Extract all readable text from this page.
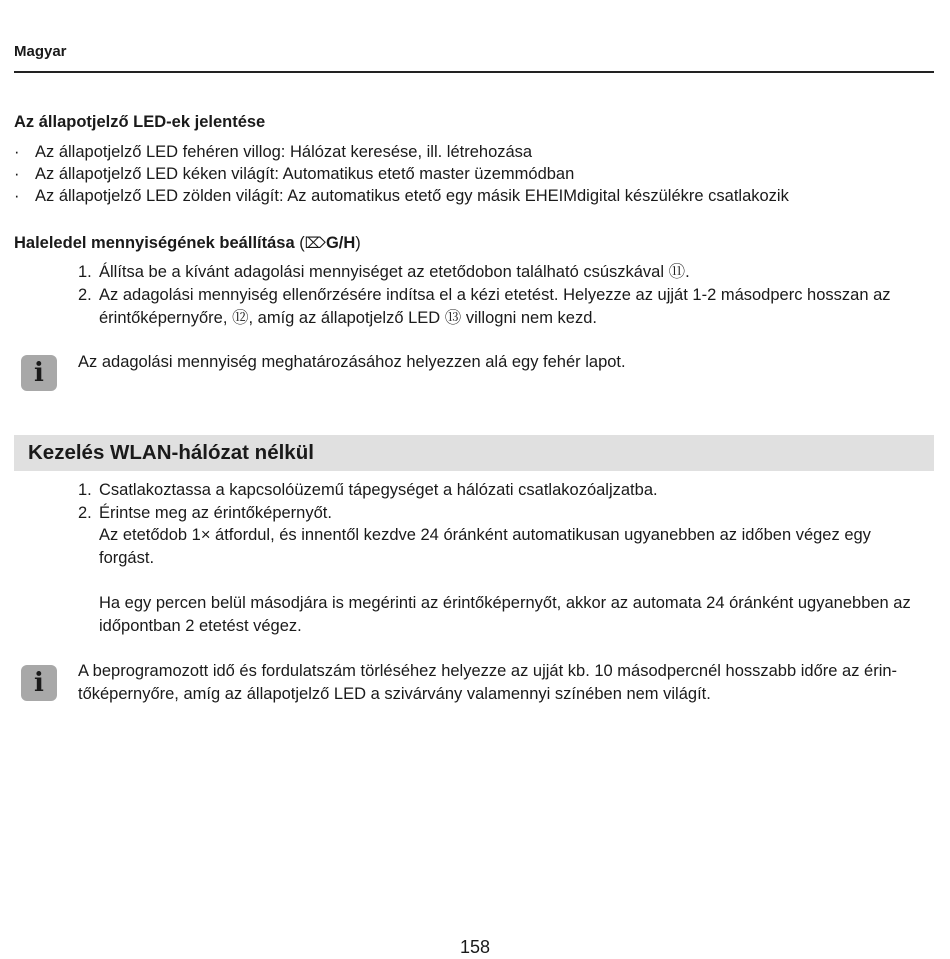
Magyar
Az állapotjelző LED-ek jelentése
· Az állapotjelző LED fehéren villog: Hálózat keresése, ill. létrehozása
· Az állapotjelző LED kéken világít: Automatikus etető master üzemmódban
· Az állapotjelző LED zölden világít: Az automatikus etető egy másik EHEIMdigital készülékre csatlakozik
Haleledel mennyiségének beállítása (⌦G/H)
1. Állítsa be a kívánt adagolási mennyiséget az etetődobon található csúszkával ⑪.
2. Az adagolási mennyiség ellenőrzésére indítsa el a kézi etetést. Helyezze az ujját 1-2 másodperc hosszan az érintőképernyőre, ⑫, amíg az állapotjelző LED ⑬ villogni nem kezd.
i	Az adagolási mennyiség meghatározásához helyezzen alá egy fehér lapot.
Kezelés WLAN-hálózat nélkül
1. Csatlakoztassa a kapcsolóüzemű tápegységet a hálózati csatlakozóaljzatba.
2. Érintse meg az érintőképernyőt.
Az etetődob 1× átfordul, és innentől kezdve 24 óránként automatikusan ugyanebben az időben végez egy forgást.
Ha egy percen belül másodjára is megérinti az érintőképernyőt, akkor az automata 24 óránként ugyanebben az időpontban 2 etetést végez.
i	A beprogramozott idő és fordulatszám törléséhez helyezze az ujját kb. 10 másodpercnél hosszabb időre az érin-tőképernyőre, amíg az állapotjelző LED a szivárvány valamennyi színében nem világít.
158
